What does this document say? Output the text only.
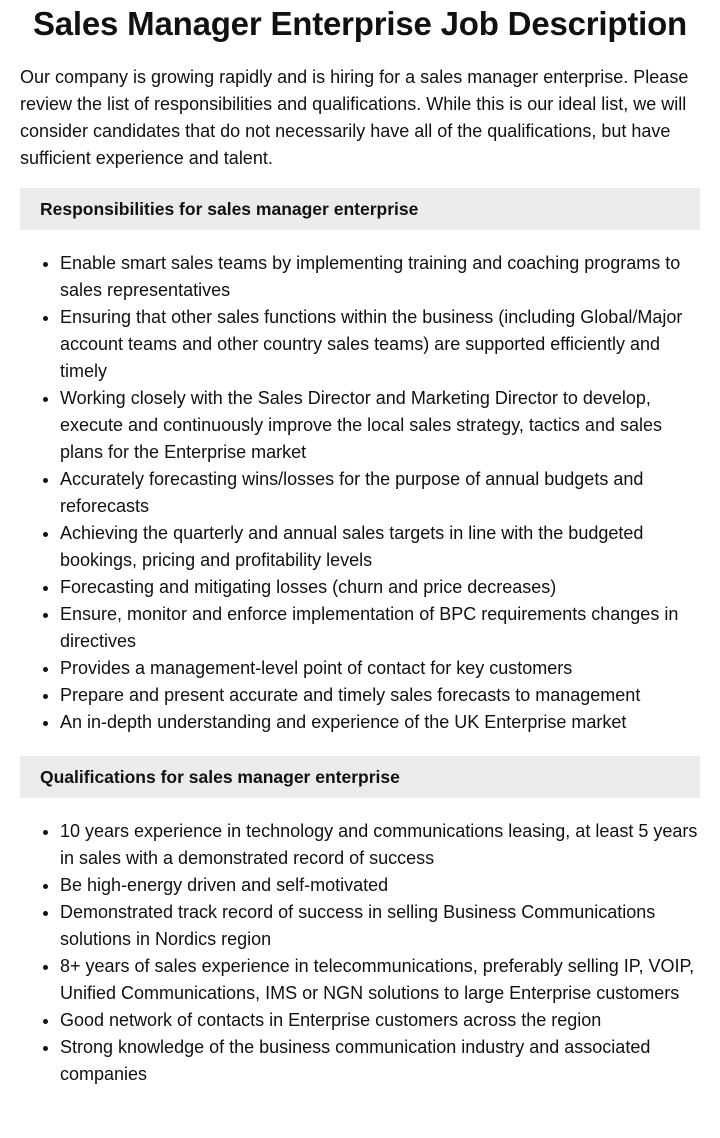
Sales Manager Enterprise Job Description

Our company is growing rapidly and is hiring for a sales manager enterprise. Please review the list of responsibilities and qualifications. While this is our ideal list, we will consider candidates that do not necessarily have all of the qualifications, but have sufficient experience and talent.

Responsibilities for sales manager enterprise
• Enable smart sales teams by implementing training and coaching programs to sales representatives
• Ensuring that other sales functions within the business (including Global/Major account teams and other country sales teams) are supported efficiently and timely
• Working closely with the Sales Director and Marketing Director to develop, execute and continuously improve the local sales strategy, tactics and sales plans for the Enterprise market
• Accurately forecasting wins/losses for the purpose of annual budgets and reforecasts
• Achieving the quarterly and annual sales targets in line with the budgeted bookings, pricing and profitability levels
• Forecasting and mitigating losses (churn and price decreases)
• Ensure, monitor and enforce implementation of BPC requirements changes in directives
• Provides a management-level point of contact for key customers
• Prepare and present accurate and timely sales forecasts to management
• An in-depth understanding and experience of the UK Enterprise market
Qualifications for sales manager enterprise
• 10 years experience in technology and communications leasing, at least 5 years in sales with a demonstrated record of success
• Be high-energy driven and self-motivated
• Demonstrated track record of success in selling Business Communications solutions in Nordics region
• 8+ years of sales experience in telecommunications, preferably selling IP, VOIP, Unified Communications, IMS or NGN solutions to large Enterprise customers
• Good network of contacts in Enterprise customers across the region
• Strong knowledge of the business communication industry and associated companies
